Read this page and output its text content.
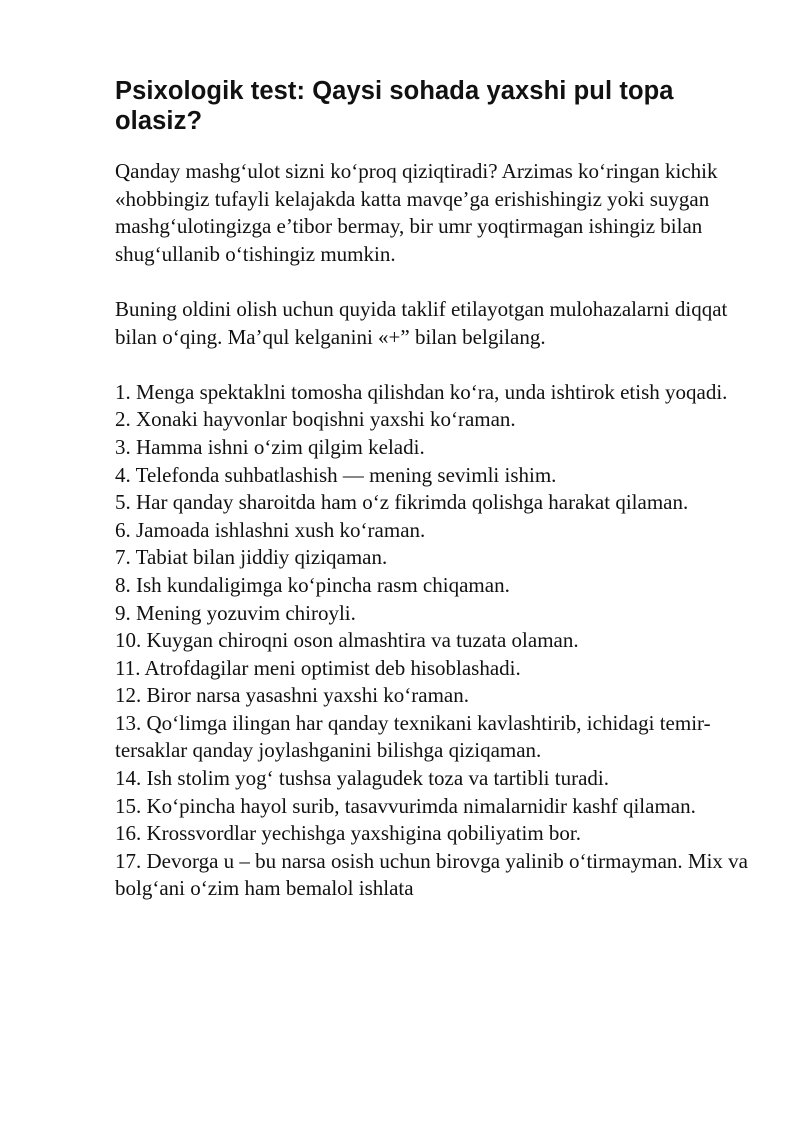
Psixologik test: Qaysi sohada yaxshi pul topa olasiz?

Qanday mashg‘ulot sizni ko‘proq qiziqtiradi? Arzimas ko‘ringan kichik «hobbingiz tufayli kelajakda katta mavqe’ga erishishingiz yoki suygan mashg‘ulotingizga e’tibor bermay, bir umr yoqtirmagan ishingiz bilan shug‘ullanib o‘tishingiz mumkin.

Buning oldini olish uchun quyida taklif etilayotgan mulohazalarni diqqat bilan o‘qing. Ma’qul kelganini «+” bilan belgilang.

1. Menga spektaklni tomosha qilishdan ko‘ra, unda ishtirok etish yoqadi.
2. Xonaki hayvonlar boqishni yaxshi ko‘raman.
3. Hamma ishni o‘zim qilgim keladi.
4. Telefonda suhbatlashish — mening sevimli ishim.
5. Har qanday sharoitda ham o‘z fikrimda qolishga harakat qilaman.
6. Jamoada ishlashni xush ko‘raman.
7. Tabiat bilan jiddiy qiziqaman.
8. Ish kundaligimga ko‘pincha rasm chiqaman.
9. Mening yozuvim chiroyli.
10. Kuygan chiroqni oson almashtira va tuzata olaman.
11. Atrofdagilar meni optimist deb hisoblashadi.
12. Biror narsa yasashni yaxshi ko‘raman.
13. Qo‘limga ilingan har qanday texnikani kavlashtirib, ichidagi temir-tersaklar qanday joylashganini bilishga qiziqaman.
14. Ish stolim yog‘ tushsa yalagudek toza va tartibli turadi.
15. Ko‘pincha hayol surib, tasavvurimda nimalarnidir kashf qilaman.
16. Krossvordlar yechishga yaxshigina qobiliyatim bor.
17. Devorga u – bu narsa osish uchun birovga yalinib o‘tirmayman. Mix va bolg‘ani o‘zim ham bemalol ishlata
